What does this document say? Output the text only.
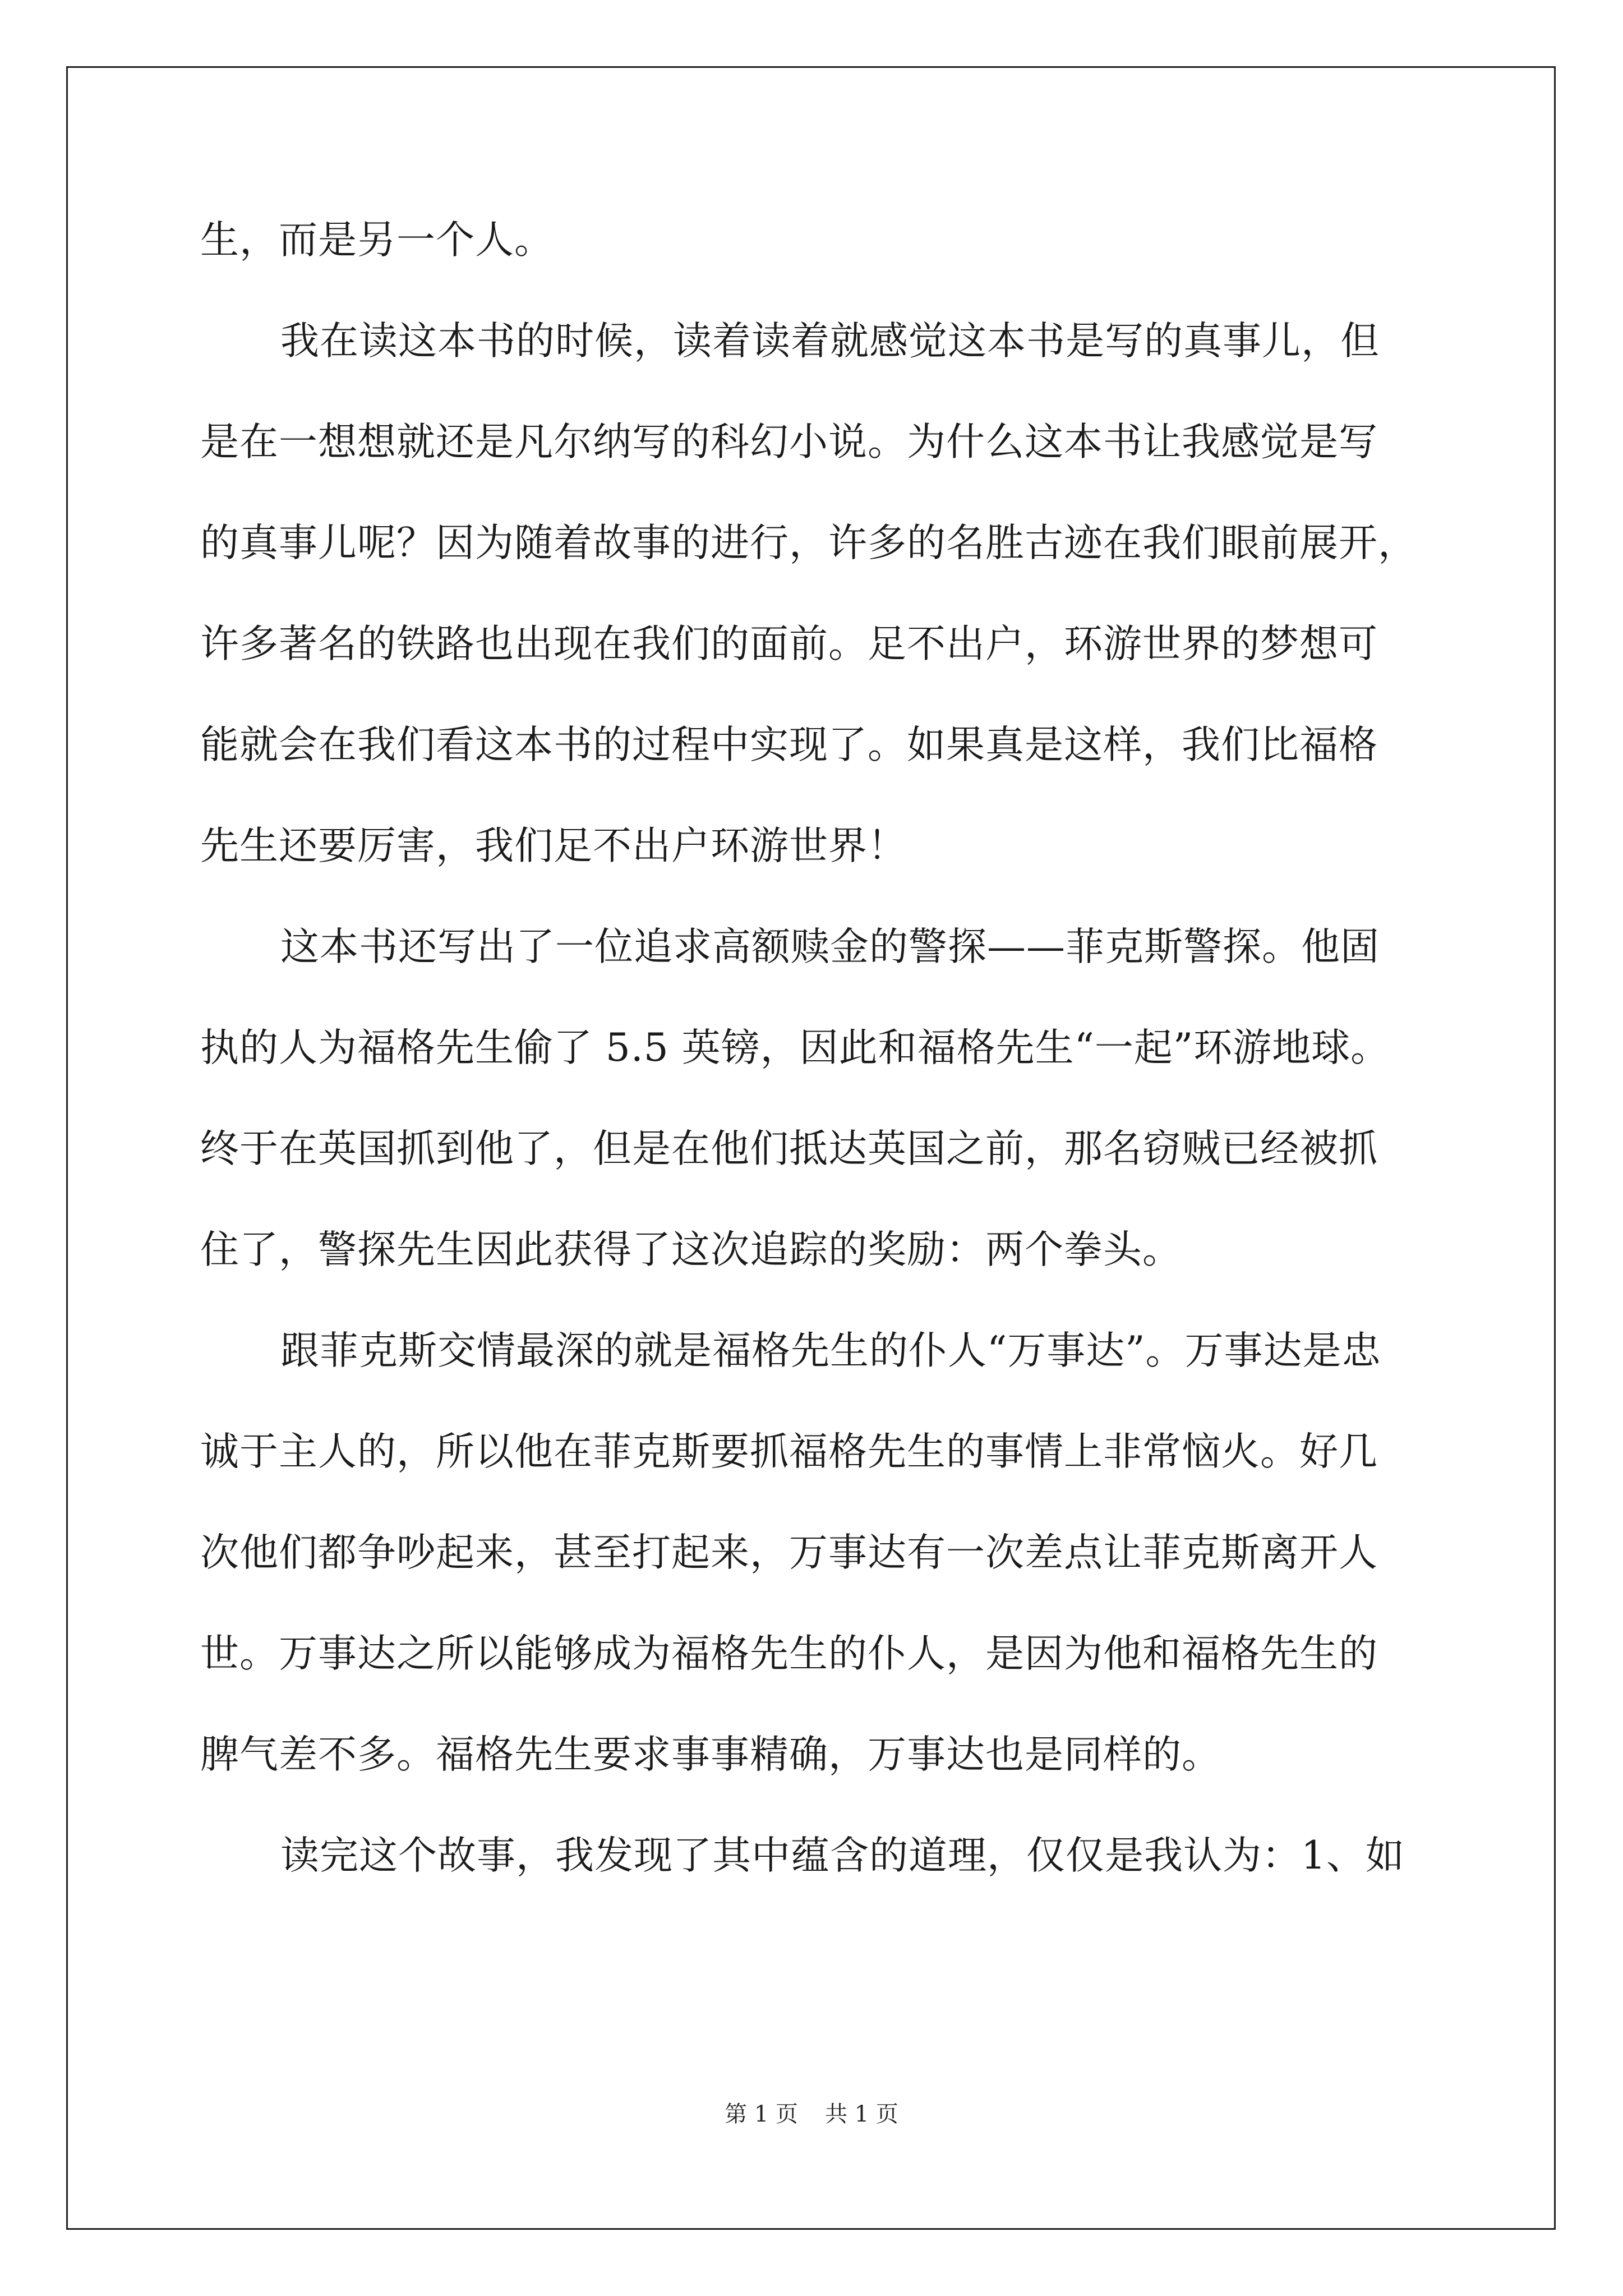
生，而是另一个人。
我在读这本书的时候，读着读着就感觉这本书是写的真事儿，但
是在一想想就还是凡尔纳写的科幻小说。为什么这本书让我感觉是写
的真事儿呢？因为随着故事的进行，许多的名胜古迹在我们眼前展开，
许多著名的铁路也出现在我们的面前。足不出户，环游世界的梦想可
能就会在我们看这本书的过程中实现了。如果真是这样，我们比福格
先生还要厉害，我们足不出户环游世界！
这本书还写出了一位追求高额赎金的警探——菲克斯警探。他固
执的人为福格先生偷了 5.5 英镑，因此和福格先生“一起”环游地球。
终于在英国抓到他了，但是在他们抵达英国之前，那名窃贼已经被抓
住了，警探先生因此获得了这次追踪的奖励：两个拳头。
跟菲克斯交情最深的就是福格先生的仆人“万事达”。万事达是忠
诚于主人的，所以他在菲克斯要抓福格先生的事情上非常恼火。好几
次他们都争吵起来，甚至打起来，万事达有一次差点让菲克斯离开人
世。万事达之所以能够成为福格先生的仆人，是因为他和福格先生的
脾气差不多。福格先生要求事事精确，万事达也是同样的。
读完这个故事，我发现了其中蕴含的道理，仅仅是我认为：1、如
第 1 页 共 1 页
